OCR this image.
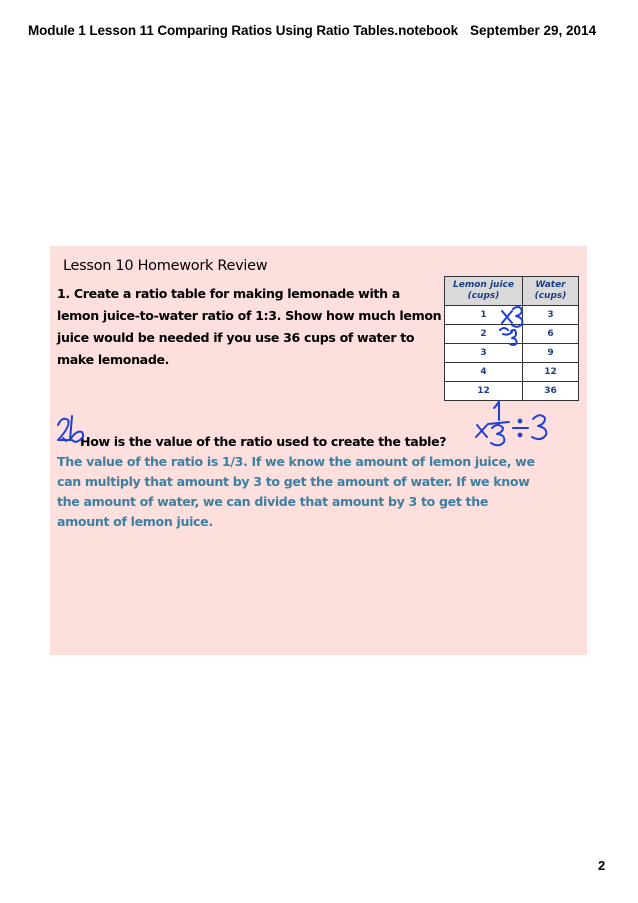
Module 1 Lesson 11 Comparing Ratios Using Ratio Tables.notebook September 29, 2014
Lesson 10 Homework Review
1. Create a ratio table for making lemonade with a lemon juice-to-water ratio of 1:3. Show how much lemon juice would be needed if you use 36 cups of water to make lemonade.
Lemon juice (cups)	Water (cups)
1	3
2	6
3	9
4	12
12	36
How is the value of the ratio used to create the table?
The value of the ratio is 1/3. If we know the amount of lemon juice, we can multiply that amount by 3 to get the amount of water. If we know the amount of water, we can divide that amount by 3 to get the amount of lemon juice.
2
